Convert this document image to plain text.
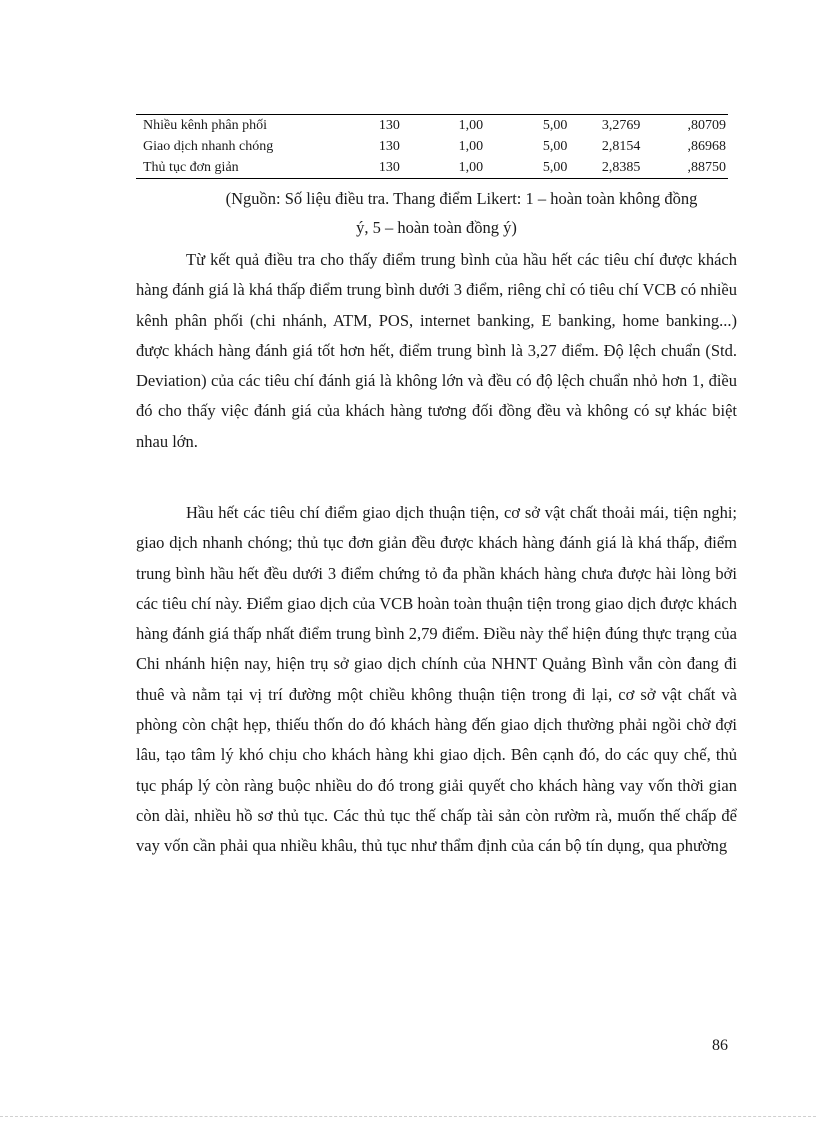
Nhiều kênh phân phối	130	1,00	5,00	3,2769	,80709
Giao dịch nhanh chóng	130	1,00	5,00	2,8154	,86968
Thủ tục đơn giản	130	1,00	5,00	2,8385	,88750
(Nguồn: Số liệu điều tra. Thang điểm Likert: 1 – hoàn toàn không đồng
ý, 5 – hoàn toàn đồng ý)

Từ kết quả điều tra cho thấy điểm trung bình của hầu hết các tiêu chí được khách hàng đánh giá là khá thấp điểm trung bình dưới 3 điểm, riêng chỉ có tiêu chí VCB có nhiều kênh phân phối (chi nhánh, ATM, POS, internet banking, E banking, home banking...) được khách hàng đánh giá tốt hơn hết, điểm trung bình là 3,27 điểm. Độ lệch chuẩn (Std. Deviation) của các tiêu chí đánh giá là không lớn và đều có độ lệch chuẩn nhỏ hơn 1, điều đó cho thấy việc đánh giá của khách hàng tương đối đồng đều và không có sự khác biệt nhau lớn.

Hầu hết các tiêu chí điểm giao dịch thuận tiện, cơ sở vật chất thoải mái, tiện nghi; giao dịch nhanh chóng; thủ tục đơn giản đều được khách hàng đánh giá là khá thấp, điểm trung bình hầu hết đều dưới 3 điểm chứng tỏ đa phần khách hàng chưa được hài lòng bởi các tiêu chí này. Điểm giao dịch của VCB hoàn toàn thuận tiện trong giao dịch được khách hàng đánh giá thấp nhất điểm trung bình 2,79 điểm. Điều này thể hiện đúng thực trạng của Chi nhánh hiện nay, hiện trụ sở giao dịch chính của NHNT Quảng Bình vẫn còn đang đi thuê và nằm tại vị trí đường một chiều không thuận tiện trong đi lại, cơ sở vật chất và phòng còn chật hẹp, thiếu thốn do đó khách hàng đến giao dịch thường phải ngồi chờ đợi lâu, tạo tâm lý khó chịu cho khách hàng khi giao dịch. Bên cạnh đó, do các quy chế, thủ tục pháp lý còn ràng buộc nhiều do đó trong giải quyết cho khách hàng vay vốn thời gian còn dài, nhiều hồ sơ thủ tục. Các thủ tục thế chấp tài sản còn rườm rà, muốn thế chấp để vay vốn cần phải qua nhiều khâu, thủ tục như thẩm định của cán bộ tín dụng, qua phường

86
